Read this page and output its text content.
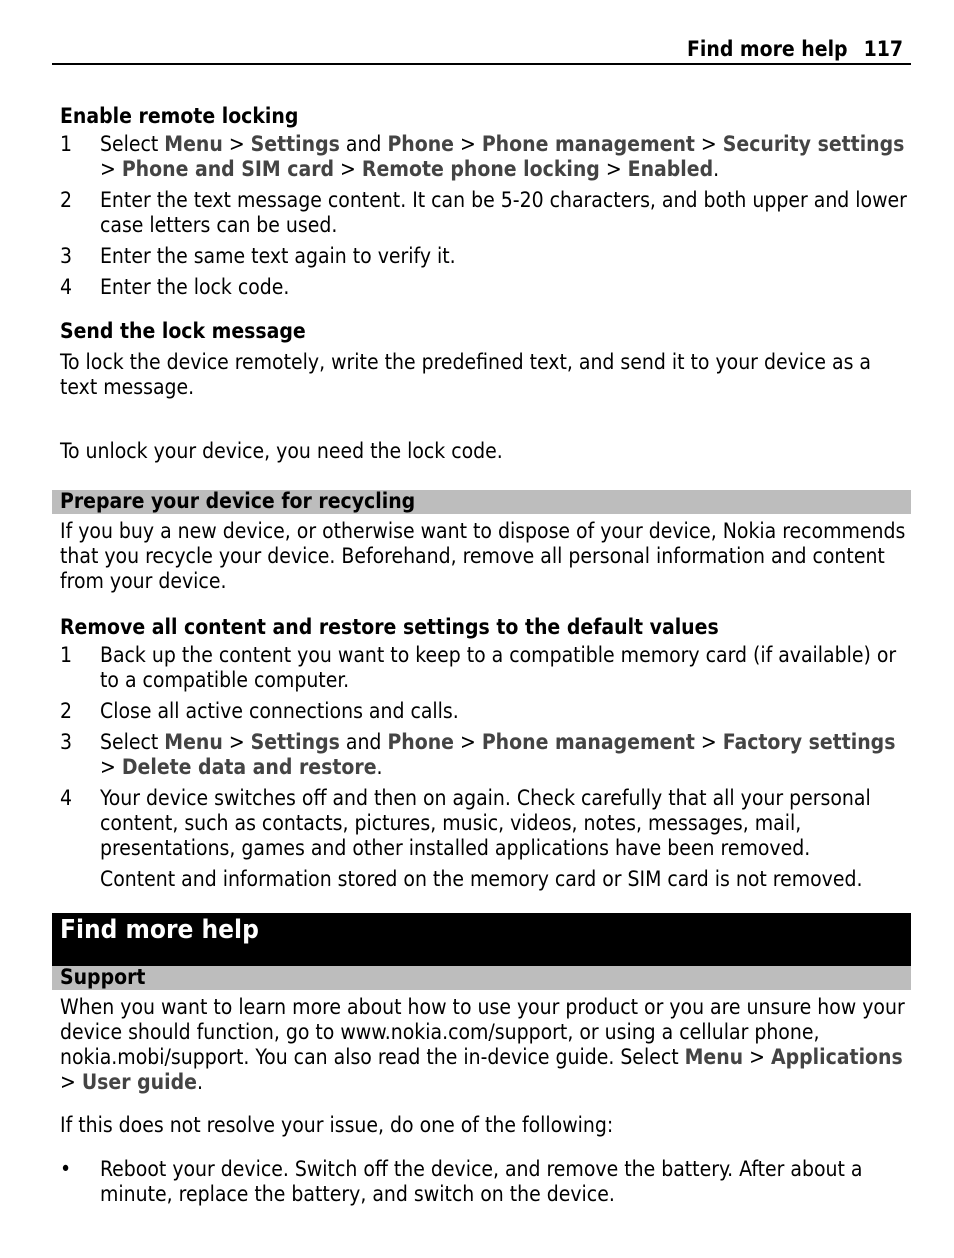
Find more help 117
Enable remote locking
1	Select Menu > Settings and Phone > Phone management > Security settings > Phone and SIM card > Remote phone locking > Enabled.
2	Enter the text message content. It can be 5-20 characters, and both upper and lower case letters can be used.
3	Enter the same text again to verify it.
4	Enter the lock code.
Send the lock message
To lock the device remotely, write the predefined text, and send it to your device as a text message.
To unlock your device, you need the lock code.
Prepare your device for recycling
If you buy a new device, or otherwise want to dispose of your device, Nokia recommends that you recycle your device. Beforehand, remove all personal information and content from your device.
Remove all content and restore settings to the default values
1	Back up the content you want to keep to a compatible memory card (if available) or to a compatible computer.
2	Close all active connections and calls.
3	Select Menu > Settings and Phone > Phone management > Factory settings > Delete data and restore.
4	Your device switches off and then on again. Check carefully that all your personal content, such as contacts, pictures, music, videos, notes, messages, mail, presentations, games and other installed applications have been removed.
Content and information stored on the memory card or SIM card is not removed.
Find more help
Support
When you want to learn more about how to use your product or you are unsure how your device should function, go to www.nokia.com/support, or using a cellular phone, nokia.mobi/support. You can also read the in-device guide. Select Menu > Applications > User guide.
If this does not resolve your issue, do one of the following:
•	Reboot your device. Switch off the device, and remove the battery. After about a minute, replace the battery, and switch on the device.
